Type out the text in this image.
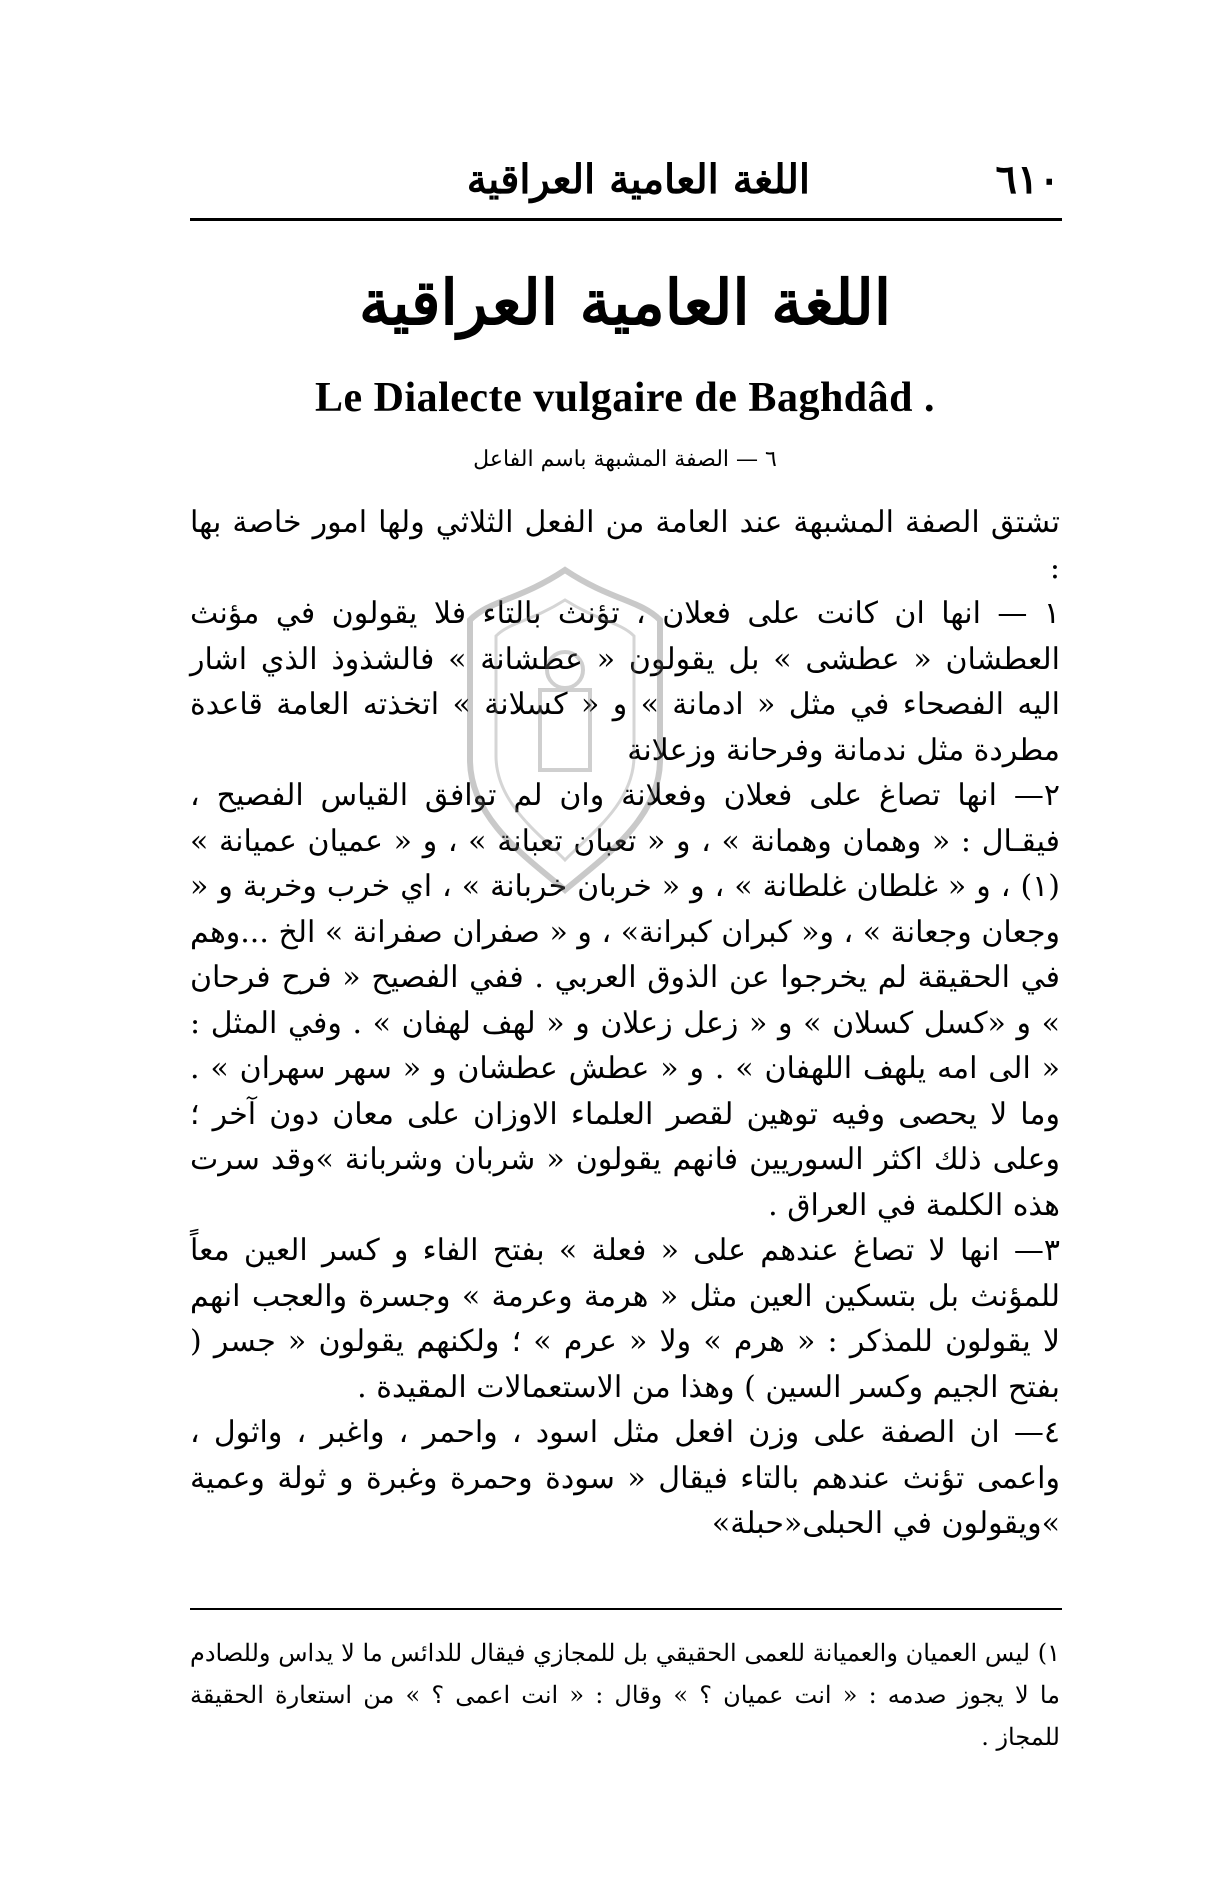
٦١٠
اللغة العامية العراقية
اللغة العامية العراقية
Le Dialecte vulgaire de Baghdâd .
٦ — الصفة المشبهة باسم الفاعل

تشتق الصفة المشبهة عند العامة من الفعل الثلاثي ولها امور خاصة بها :

١ — انها ان كانت على فعلان ، تؤنث بالتاء فلا يقولون في مؤنث العطشان « عطشى » بل يقولون « عطشانة » فالشذوذ الذي اشار اليه الفصحاء في مثل « ادمانة » و « كسلانة » اتخذته العامة قاعدة مطردة مثل ندمانة وفرحانة وزعلانة

٢— انها تصاغ على فعلان وفعلانة وان لم توافق القياس الفصيح ، فيقـال : « وهمان وهمانة » ، و « تعبان تعبانة » ، و « عميان عميانة » (١) ، و « غلطان غلطانة » ، و « خربان خربانة » ، اي خرب وخربة و « وجعان وجعانة » ، و« كبران كبرانة» ، و « صفران صفرانة » الخ ...وهم في الحقيقة لم يخرجوا عن الذوق العربي . ففي الفصيح « فرح فرحان » و «كسل كسلان » و « زعل زعلان و « لهف لهفان » . وفي المثل : « الى امه يلهف اللهفان » . و « عطش عطشان و « سهر سهران » . وما لا يحصى وفيه توهين لقصر العلماء الاوزان على معان دون آخر ؛ وعلى ذلك اكثر السوريين فانهم يقولون « شربان وشربانة »وقد سرت هذه الكلمة في العراق .

٣— انها لا تصاغ عندهم على « فعلة » بفتح الفاء و كسر العين معاً للمؤنث بل بتسكين العين مثل « هرمة وعرمة » وجسرة والعجب انهم لا يقولون للمذكر : « هرم » ولا « عرم » ؛ ولكنهم يقولون « جسر ( بفتح الجيم وكسر السين ) وهذا من الاستعمالات المقيدة .

٤— ان الصفة على وزن افعل مثل اسود ، واحمر ، واغبر ، واثول ، واعمى تؤنث عندهم بالتاء فيقال « سودة وحمرة وغبرة و ثولة وعمية »ويقولون في الحبلى«حبلة»

١) ليس العميان والعميانة للعمى الحقيقي بل للمجازي فيقال للدائس ما لا يداس وللصادم ما لا يجوز صدمه : « انت عميان ؟ » وقال : « انت اعمى ؟ » من استعارة الحقيقة للمجاز .
